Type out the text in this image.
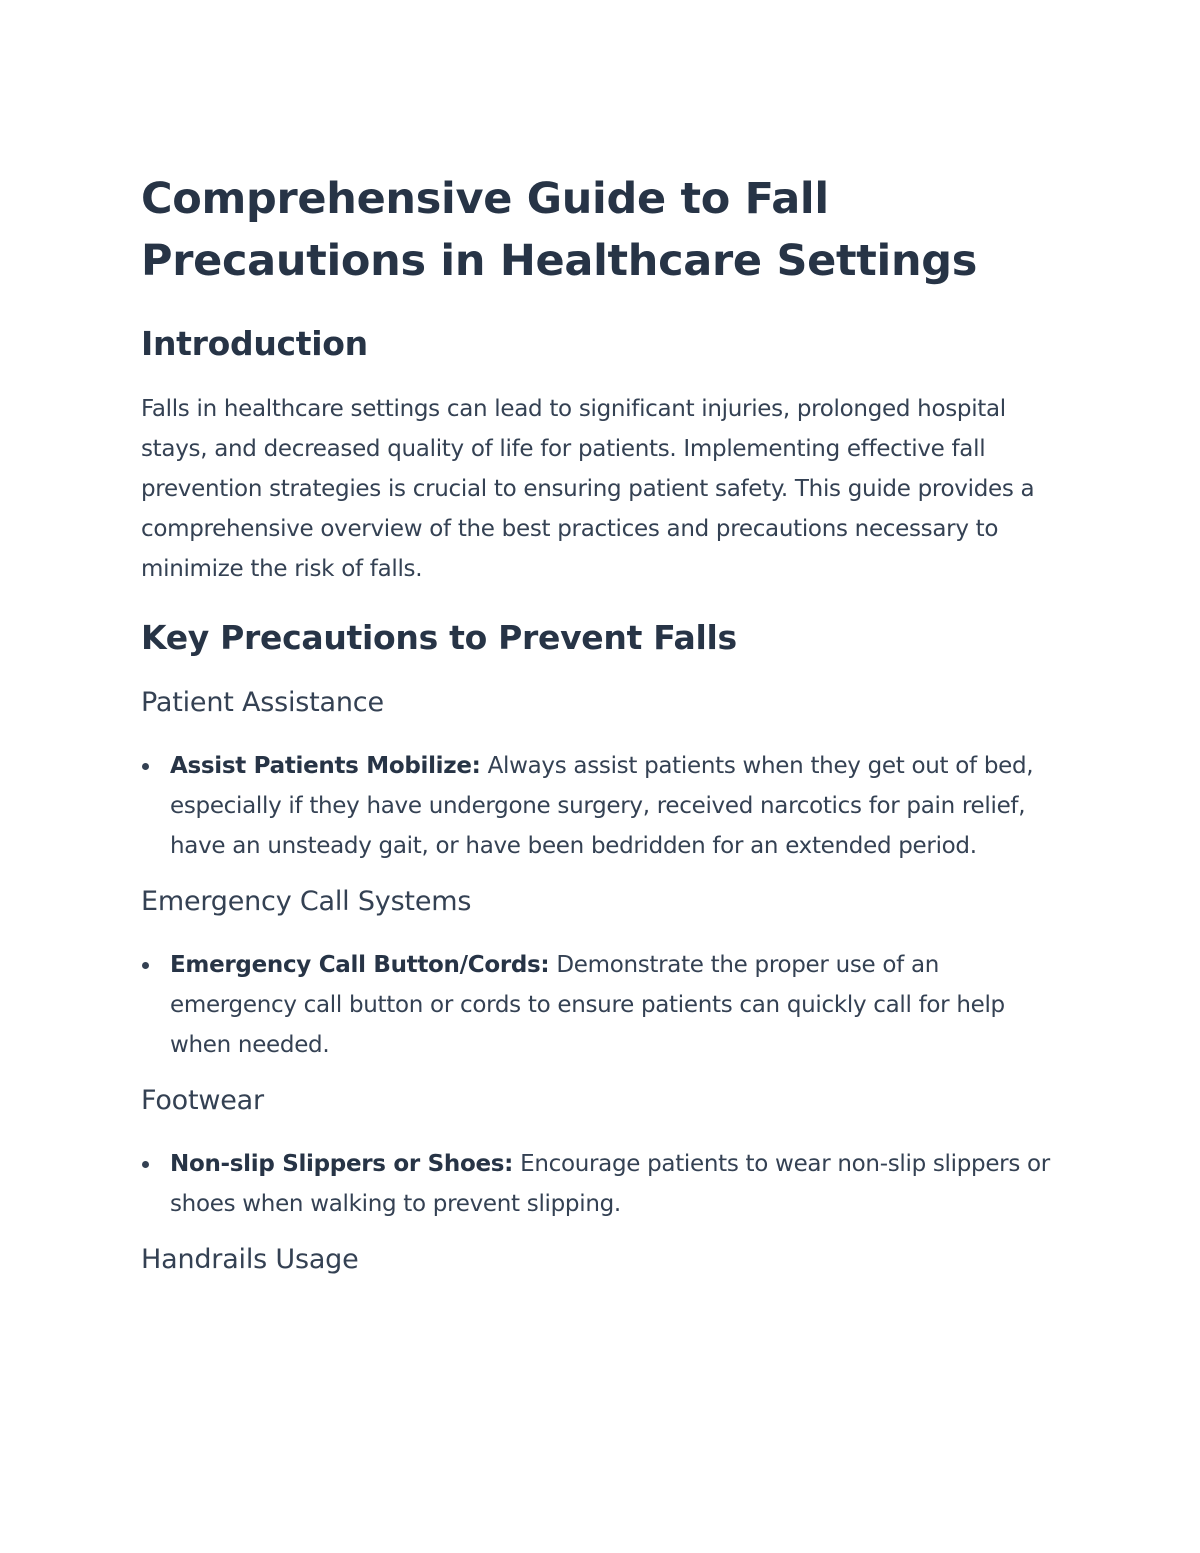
Comprehensive Guide to Fall Precautions in Healthcare Settings
Introduction

Falls in healthcare settings can lead to significant injuries, prolonged hospital stays, and decreased quality of life for patients. Implementing effective fall prevention strategies is crucial to ensuring patient safety. This guide provides a comprehensive overview of the best practices and precautions necessary to minimize the risk of falls.

Key Precautions to Prevent Falls
Patient Assistance
Assist Patients Mobilize: Always assist patients when they get out of bed, especially if they have undergone surgery, received narcotics for pain relief, have an unsteady gait, or have been bedridden for an extended period.
Emergency Call Systems
Emergency Call Button/Cords: Demonstrate the proper use of an emergency call button or cords to ensure patients can quickly call for help when needed.
Footwear
Non-slip Slippers or Shoes: Encourage patients to wear non-slip slippers or shoes when walking to prevent slipping.
Handrails Usage
